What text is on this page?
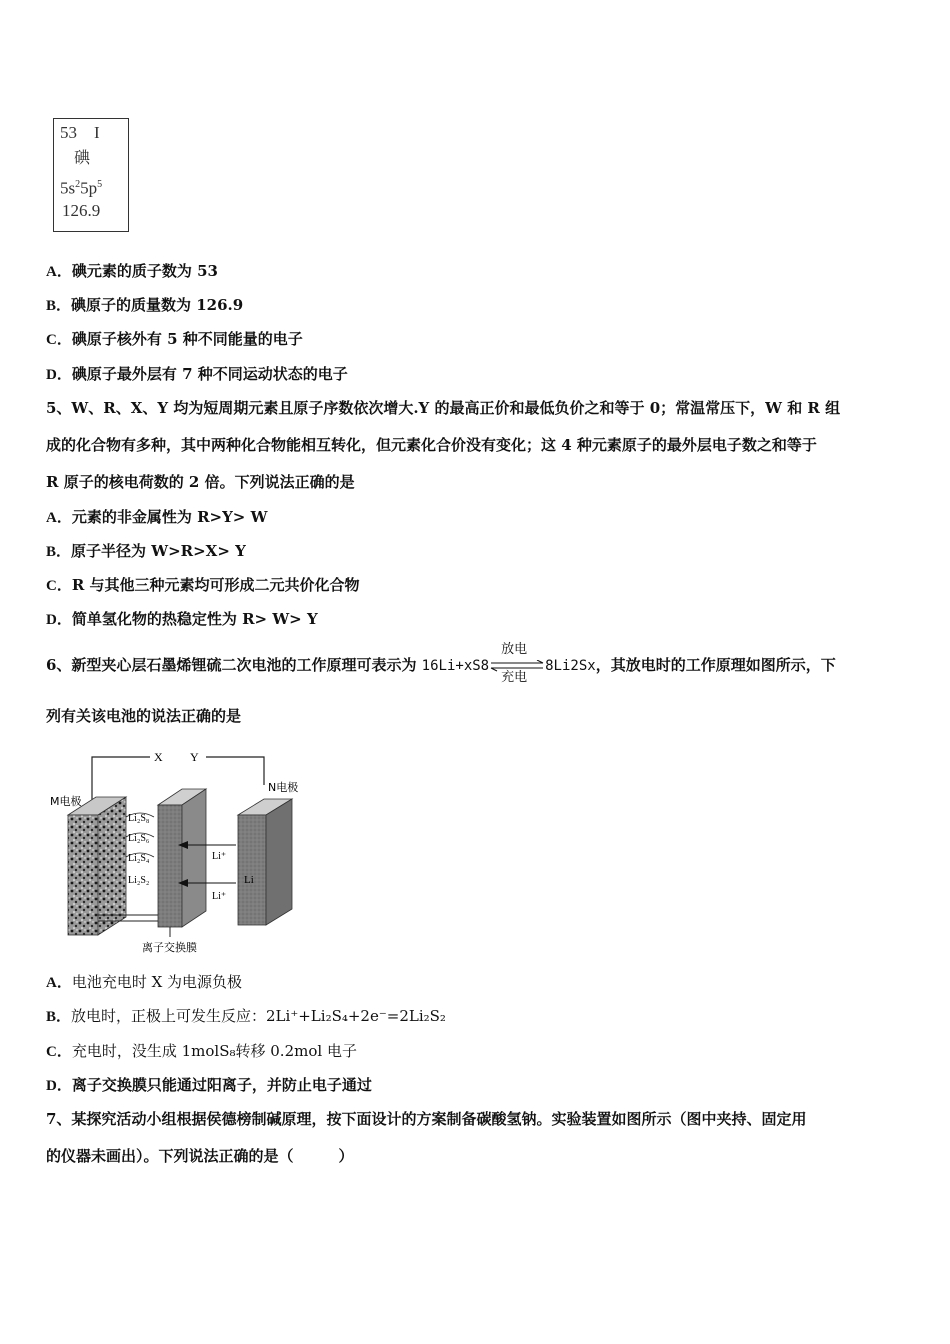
53 I
碘
$5s^25p^5$
126.9
A．碘元素的质子数为 53
B．碘原子的质量数为 126.9
C．碘原子核外有 5 种不同能量的电子
D．碘原子最外层有 7 种不同运动状态的电子
5、W、R、X、Y 均为短周期元素且原子序数依次增大.Y 的最高正价和最低负价之和等于 0；常温常压下，W 和 R 组
成的化合物有多种，其中两种化合物能相互转化，但元素化合价没有变化；这 4 种元素原子的最外层电子数之和等于
R 原子的核电荷数的 2 倍。下列说法正确的是
A．元素的非金属性为 R>Y> W
B．原子半径为 W>R>X> Y
C．R 与其他三种元素均可形成二元共价化合物
D．简单氢化物的热稳定性为 R> W> Y
6、新型夹心层石墨烯锂硫二次电池的工作原理可表示为 16Li+xS8
放电
充电
8Li2Sx，其放电时的工作原理如图所示，下
列有关该电池的说法正确的是
X Y
M电极
N电极
Li₂S₈
Li₂S₆
Li₂S₄
Li₂S₂
Li⁺
Li⁺
Li
离子交换膜
A．电池充电时 X 为电源负极
B．放电时，正极上可发生反应：2Li⁺+Li₂S₄+2e⁻=2Li₂S₂
C．充电时，没生成 1molS₈转移 0.2mol 电子
D．离子交换膜只能通过阳离子，并防止电子通过
7、某探究活动小组根据侯德榜制碱原理，按下面设计的方案制备碳酸氢钠。实验装置如图所示（图中夹持、固定用
的仪器未画出）。下列说法正确的是（　　　）
